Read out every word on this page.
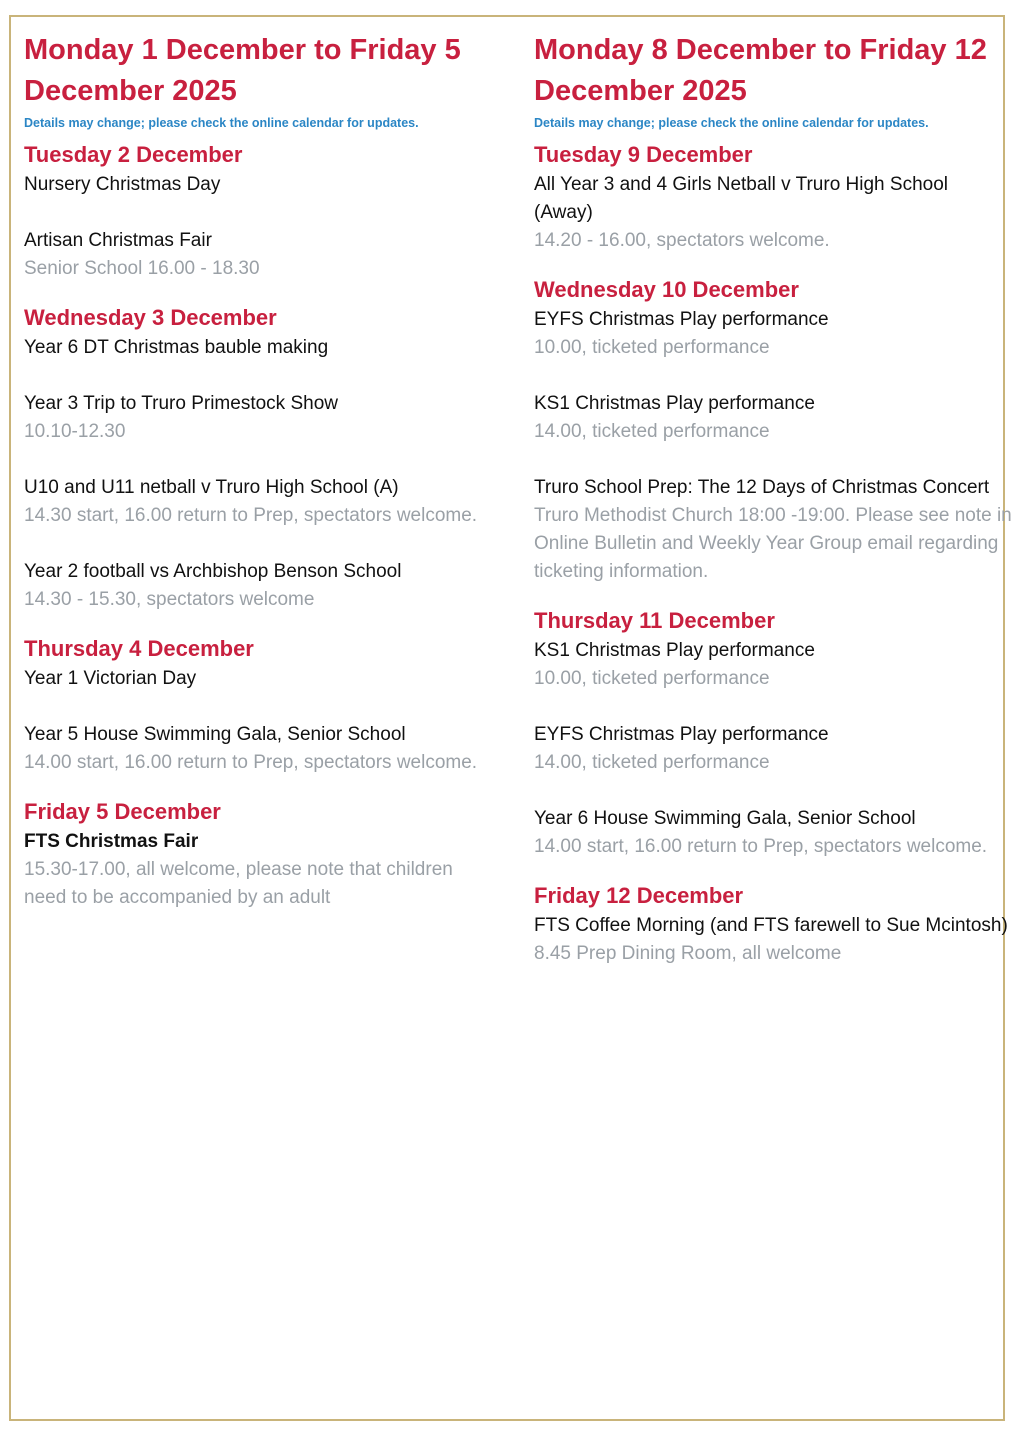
Monday 1 December to Friday 5 December 2025

Details may change; please check the online calendar for updates.

Tuesday 2 December
Nursery Christmas Day
Artisan Christmas Fair
Senior School 16.00 - 18.30
Wednesday 3 December
Year 6 DT Christmas bauble making
Year 3 Trip to Truro Primestock Show
10.10-12.30
U10 and U11 netball v Truro High School (A)
14.30 start, 16.00 return to Prep, spectators welcome.
Year 2 football vs Archbishop Benson School
14.30 - 15.30, spectators welcome
Thursday 4 December
Year 1 Victorian Day
Year 5 House Swimming Gala, Senior School
14.00 start, 16.00 return to Prep, spectators welcome.
Friday 5 December
FTS Christmas Fair
15.30-17.00, all welcome, please note that children need to be accompanied by an adult
Monday 8 December to Friday 12 December 2025

Details may change; please check the online calendar for updates.

Tuesday 9 December
All Year 3 and 4 Girls Netball v Truro High School (Away)
14.20 - 16.00, spectators welcome.
Wednesday 10 December
EYFS Christmas Play performance
10.00, ticketed performance
KS1 Christmas Play performance
14.00, ticketed performance
Truro School Prep: The 12 Days of Christmas Concert
Truro Methodist Church 18:00 -19:00. Please see note in Online Bulletin and Weekly Year Group email regarding ticketing information.
Thursday 11 December
KS1 Christmas Play performance
10.00, ticketed performance
EYFS Christmas Play performance
14.00, ticketed performance
Year 6 House Swimming Gala, Senior School
14.00 start, 16.00 return to Prep, spectators welcome.
Friday 12 December
FTS Coffee Morning (and FTS farewell to Sue Mcintosh)
8.45 Prep Dining Room, all welcome
